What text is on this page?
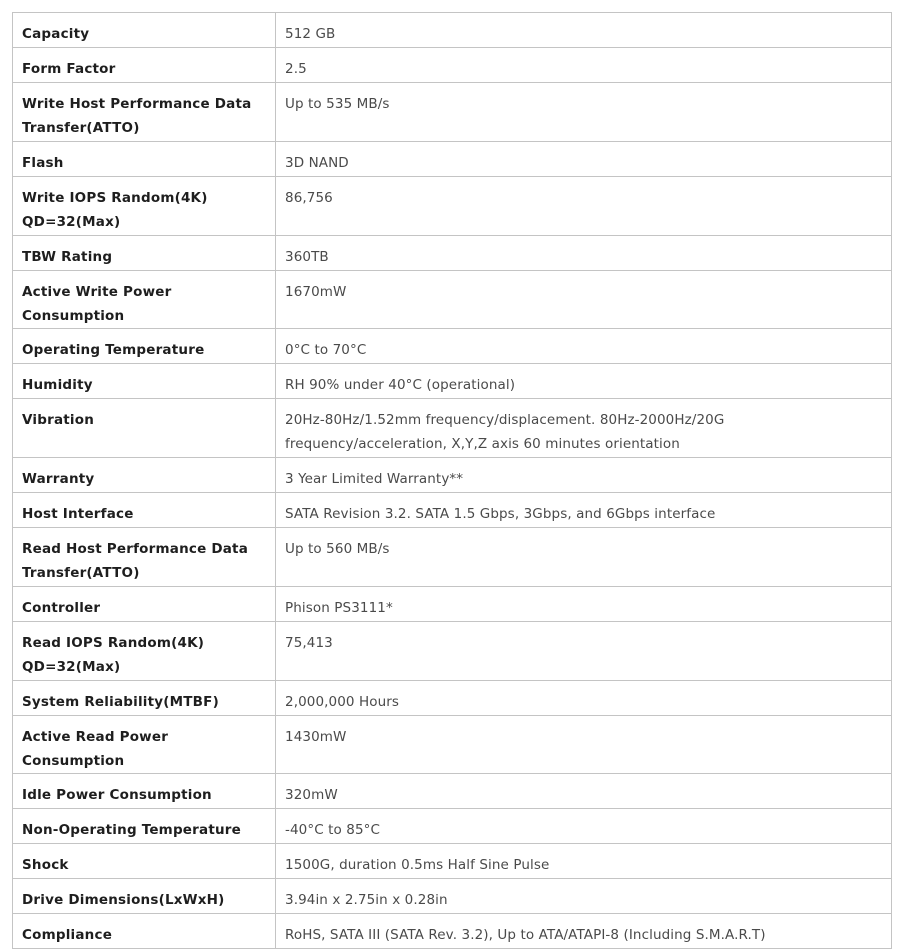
Capacity	512 GB
Form Factor	2.5
Write Host Performance Data Transfer(ATTO)	Up to 535 MB/s
Flash	3D NAND
Write IOPS Random(4K) QD=32(Max)	86,756
TBW Rating	360TB
Active Write Power Consumption	1670mW
Operating Temperature	0°C to 70°C
Humidity	RH 90% under 40°C (operational)
Vibration	20Hz-80Hz/1.52mm frequency/displacement. 80Hz-2000Hz/20G frequency/acceleration, X,Y,Z axis 60 minutes orientation
Warranty	3 Year Limited Warranty**
Host Interface	SATA Revision 3.2. SATA 1.5 Gbps, 3Gbps, and 6Gbps interface
Read Host Performance Data Transfer(ATTO)	Up to 560 MB/s
Controller	Phison PS3111*
Read IOPS Random(4K) QD=32(Max)	75,413
System Reliability(MTBF)	2,000,000 Hours
Active Read Power Consumption	1430mW
Idle Power Consumption	320mW
Non-Operating Temperature	-40°C to 85°C
Shock	1500G, duration 0.5ms Half Sine Pulse
Drive Dimensions(LxWxH)	3.94in x 2.75in x 0.28in
Compliance	RoHS, SATA III (SATA Rev. 3.2), Up to ATA/ATAPI-8 (Including S.M.A.R.T)
